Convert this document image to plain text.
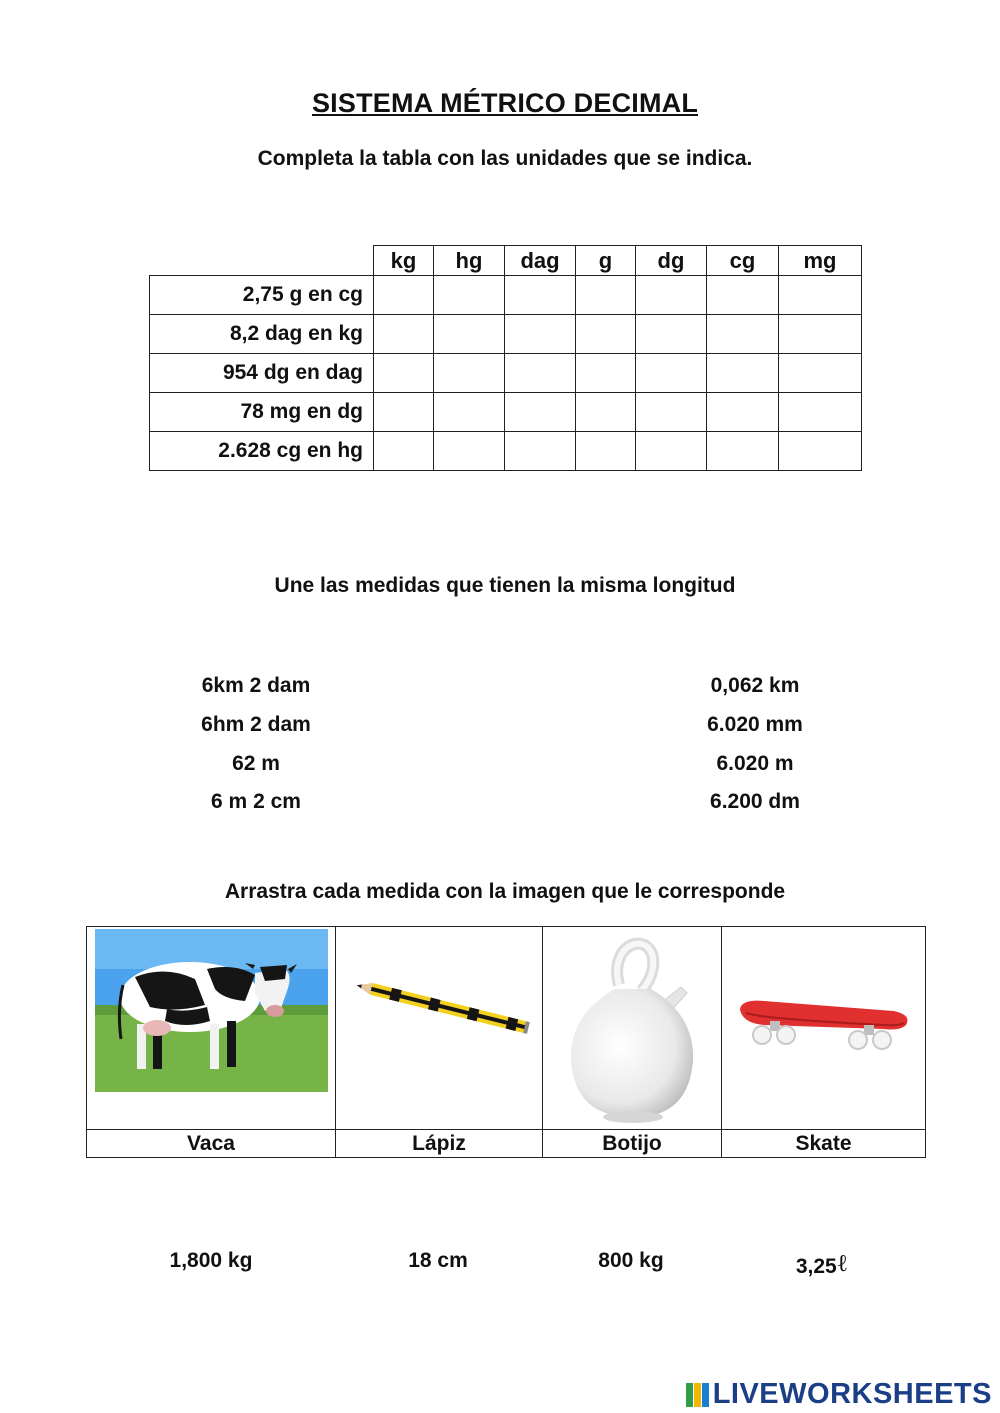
SISTEMA MÉTRICO DECIMAL
Completa la tabla con las unidades que se indica.
	kg	hg	dag	g	dg	cg	mg
2,75 g en cg							
8,2 dag en kg							
954 dg en dag							
78 mg en dg							
2.628 cg en hg							
Une las medidas que tienen la misma longitud
6km 2 dam
6hm 2 dam
62 m
6 m 2 cm
0,062 km
6.020 mm
6.020 m
6.200 dm
Arrastra cada medida con la imagen que le corresponde

Vaca	Lápiz	Botijo	Skate
1,800 kg	18 cm	800 kg	3,25ℓ
LIVEWORKSHEETS
